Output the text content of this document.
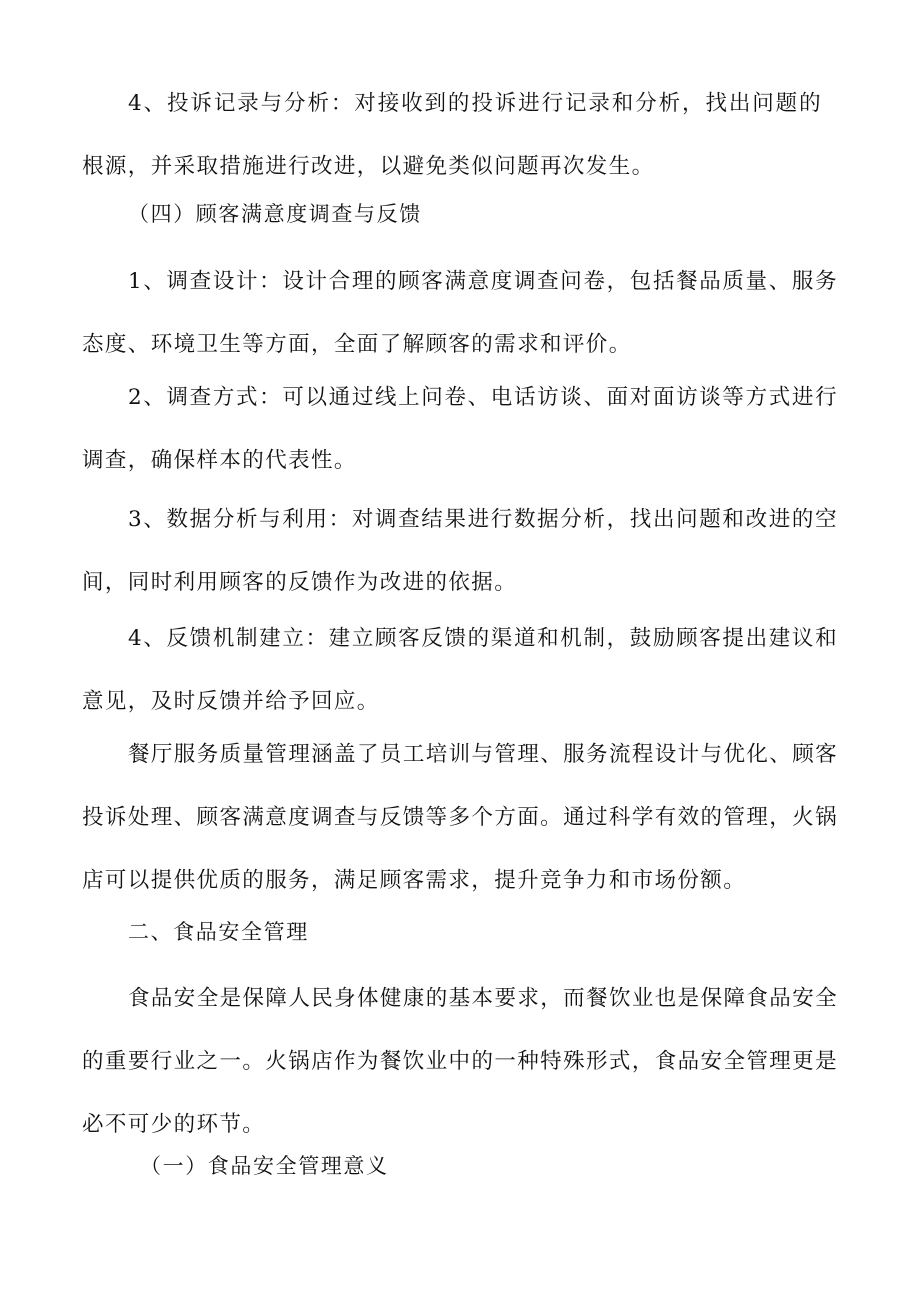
4、投诉记录与分析：对接收到的投诉进行记录和分析，找出问题的根源，并采取措施进行改进，以避免类似问题再次发生。

（四）顾客满意度调查与反馈

1、调查设计：设计合理的顾客满意度调查问卷，包括餐品质量、服务态度、环境卫生等方面，全面了解顾客的需求和评价。

2、调查方式：可以通过线上问卷、电话访谈、面对面访谈等方式进行调查，确保样本的代表性。

3、数据分析与利用：对调查结果进行数据分析，找出问题和改进的空间，同时利用顾客的反馈作为改进的依据。

4、反馈机制建立：建立顾客反馈的渠道和机制，鼓励顾客提出建议和意见，及时反馈并给予回应。

餐厅服务质量管理涵盖了员工培训与管理、服务流程设计与优化、顾客投诉处理、顾客满意度调查与反馈等多个方面。通过科学有效的管理，火锅店可以提供优质的服务，满足顾客需求，提升竞争力和市场份额。

二、食品安全管理

食品安全是保障人民身体健康的基本要求，而餐饮业也是保障食品安全的重要行业之一。火锅店作为餐饮业中的一种特殊形式，食品安全管理更是必不可少的环节。

（一）食品安全管理意义
